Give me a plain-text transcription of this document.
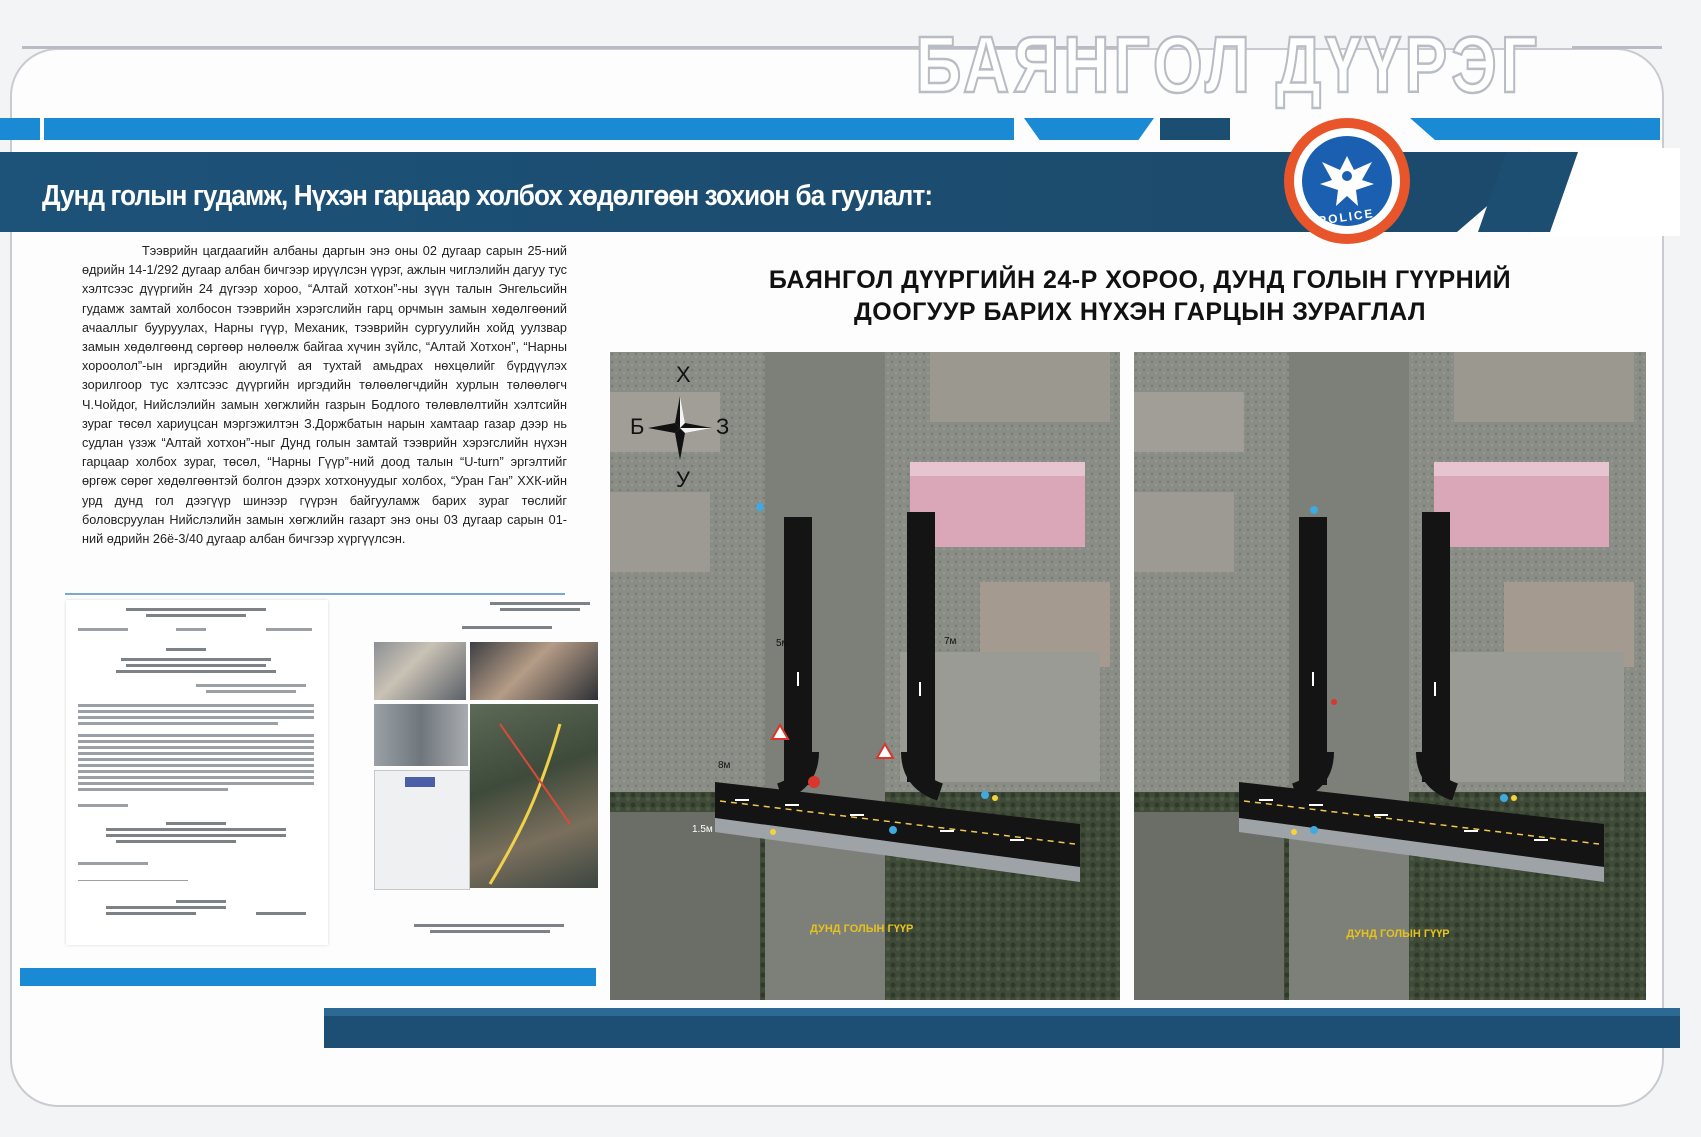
БАЯНГОЛ ДҮҮРЭГ
Дунд голын гудамж, Нүхэн гарцаар холбох хөдөлгөөн зохион ба гуулалт:
POLICE
Тээврийн цагдаагийн албаны даргын энэ оны 02 дугаар сарын 25-ний өдрийн 14-1/292 дугаар албан бичгээр ирүүлсэн үүрэг, ажлын чиглэлийн дагуу тус хэлтсээс дүүргийн 24 дүгээр хороо, “Алтай хотхон”-ны зүүн талын Энгельсийн гудамж замтай холбосон тээврийн хэрэгслийн гарц орчмын замын хөдөлгөөний ачааллыг бууруулах, Нарны гүүр, Механик, тээврийн сургуулийн хойд уулзвар замын хөдөлгөөнд сөргөөр нөлөөлж байгаа хүчин зүйлс, “Алтай Хотхон”, “Нарны хороолол”-ын иргэдийн аюулгүй ая тухтай амьдрах нөхцөлийг бүрдүүлэх зорилгоор тус хэлтсээс дүүргийн иргэдийн төлөөлөгчдийн хурлын төлөөлөгч Ч.Чойдог, Нийслэлийн замын хөгжлийн газрын Бодлого төлөвлөлтийн хэлтсийн зураг төсөл хариуцсан мэргэжилтэн З.Доржбатын нарын хамтаар газар дээр нь судлан үзэж “Алтай хотхон”-ныг Дунд голын замтай тээврийн хэрэгслийн нүхэн гарцаар холбох зураг, төсөл, “Нарны Гүүр”-ний доод талын “U-turn” эргэлтийг өргөж сөрөг хөдөлгөөнтэй болгон дээрх хотхонуудыг холбох, “Уран Ган” ХХК-ийн урд дунд гол дээгүүр шинээр гүүрэн байгууламж барих зураг төслийг боловсруулан Нийслэлийн замын хөгжлийн газарт энэ оны 03 дугаар сарын 01-ний өдрийн 26ё-3/40 дугаар албан бичгээр хүргүүлсэн.
БАЯНГОЛ ДҮҮРГИЙН 24-Р ХОРОО, ДУНД ГОЛЫН ГҮҮРНИЙ
ДООГУУР БАРИХ НҮХЭН ГАРЦЫН ЗУРАГЛАЛ
Х
У
Б	З
5м	7м
8м
1.5м
ДУНД ГОЛЫН ГҮҮР	ДУНД ГОЛЫН ГҮҮР
